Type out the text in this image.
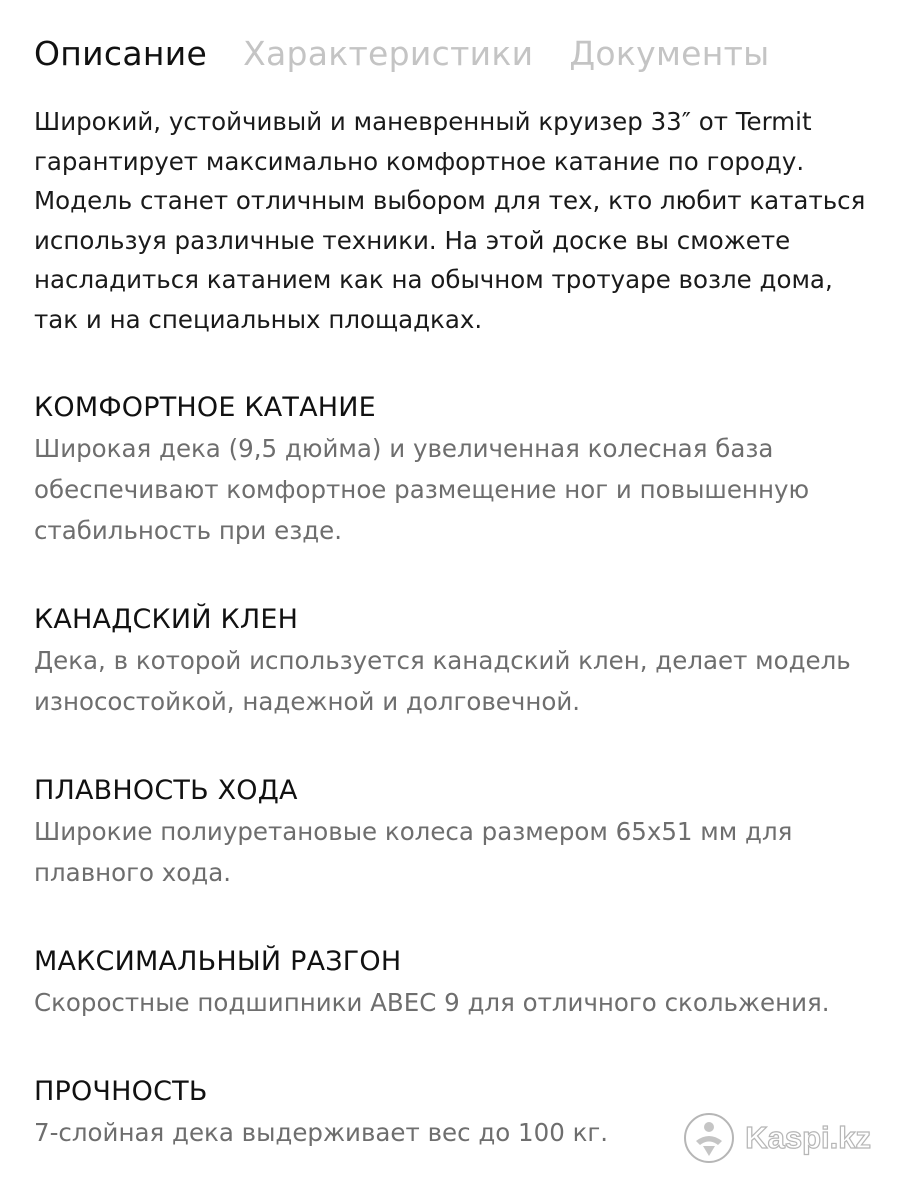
Описание Характеристики Документы

Широкий, устойчивый и маневренный круизер 33″ от Termit гарантирует максимально комфортное катание по городу. Модель станет отличным выбором для тех, кто любит кататься используя различные техники. На этой доске вы сможете насладиться катанием как на обычном тротуаре возле дома, так и на специальных площадках.

КОМФОРТНОЕ КАТАНИЕ

Широкая дека (9,5 дюйма) и увеличенная колесная база обеспечивают комфортное размещение ног и повышенную стабильность при езде.

КАНАДСКИЙ КЛЕН

Дека, в которой используется канадский клен, делает модель износостойкой, надежной и долговечной.

ПЛАВНОСТЬ ХОДА

Широкие полиуретановые колеса размером 65x51 мм для плавного хода.

МАКСИМАЛЬНЫЙ РАЗГОН

Скоростные подшипники ABEC 9 для отличного скольжения.

ПРОЧНОСТЬ

7-слойная дека выдерживает вес до 100 кг.	Kaspi.kz
